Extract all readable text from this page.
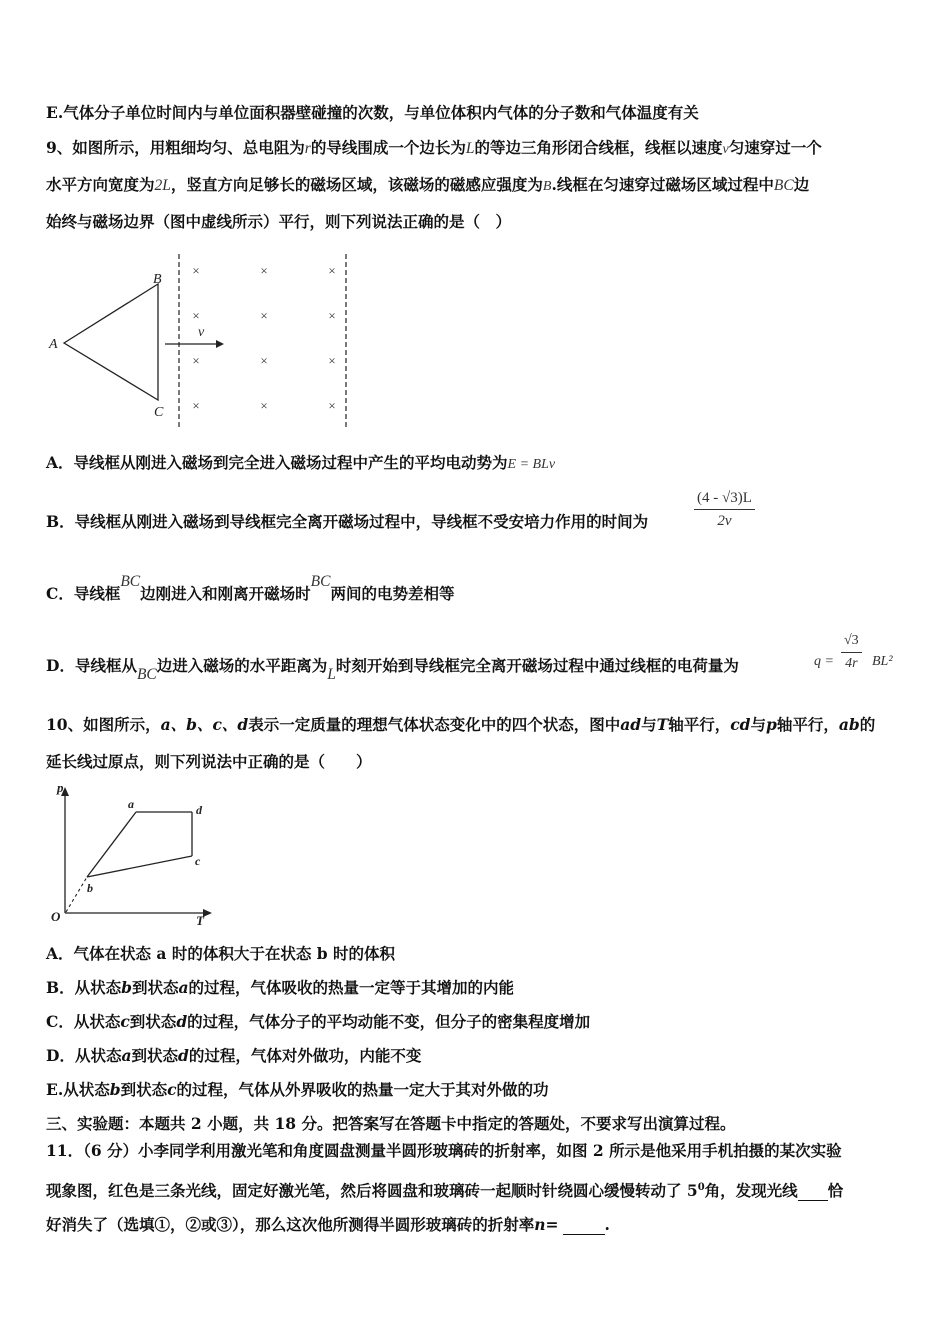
E.气体分子单位时间内与单位面积器壁碰撞的次数，与单位体积内气体的分子数和气体温度有关
9、如图所示，用粗细均匀、总电阻为r的导线围成一个边长为L的等边三角形闭合线框，线框以速度v匀速穿过一个
水平方向宽度为2L，竖直方向足够长的磁场区域，该磁场的磁感应强度为B.线框在匀速穿过磁场区域过程中BC边
始终与磁场边界（图中虚线所示）平行，则下列说法正确的是（　）
A
B
C
v
×	×	×
×	×	×
×	×	×
×	×	×
A．导线框从刚进入磁场到完全进入磁场过程中产生的平均电动势为E = BLv
B．导线框从刚进入磁场到导线框完全离开磁场过程中，导线框不受安培力作用的时间为	$\frac{(4 - √3)L}{2v}$
C．导线框BC边刚进入和刚离开磁场时BC两间的电势差相等
D．导线框从BC边进入磁场的水平距离为L时刻开始到导线框完全离开磁场过程中通过线框的电荷量为	$q = \frac{√3}{4r} BL^2$
10、如图所示，a、b、c、d表示一定质量的理想气体状态变化中的四个状态，图中ad与T轴平行，cd与p轴平行，ab的
延长线过原点，则下列说法中正确的是（　　）
p
T
O
a	d
c
b
A．气体在状态 a 时的体积大于在状态 b 时的体积
B．从状态b到状态a的过程，气体吸收的热量一定等于其增加的内能
C．从状态c到状态d的过程，气体分子的平均动能不变，但分子的密集程度增加
D．从状态a到状态d的过程，气体对外做功，内能不变
E.从状态b到状态c的过程，气体从外界吸收的热量一定大于其对外做的功
三、实验题：本题共 2 小题，共 18 分。把答案写在答题卡中指定的答题处，不要求写出演算过程。
11．（6 分）小李同学利用激光笔和角度圆盘测量半圆形玻璃砖的折射率，如图 2 所示是他采用手机拍摄的某次实验
现象图，红色是三条光线，固定好激光笔，然后将圆盘和玻璃砖一起顺时针绕圆心缓慢转动了 $5^0$角，发现光线 恰
好消失了（选填①，②或③），那么这次他所测得半圆形玻璃砖的折射率n=	.
